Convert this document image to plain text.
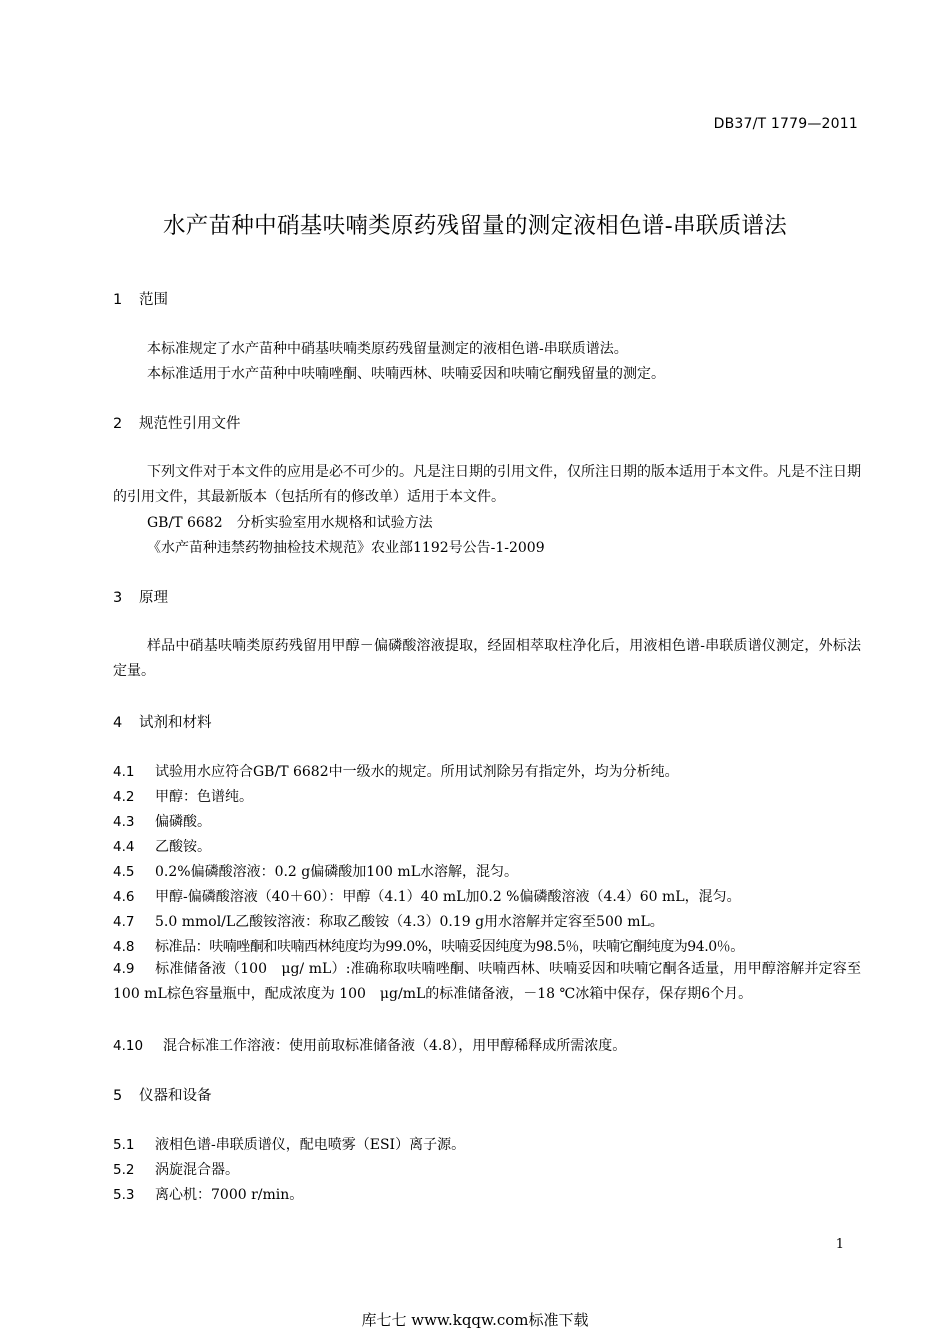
DB37/T 1779—2011
水产苗种中硝基呋喃类原药残留量的测定液相色谱-串联质谱法
1 范围
本标准规定了水产苗种中硝基呋喃类原药残留量测定的液相色谱-串联质谱法。
本标准适用于水产苗种中呋喃唑酮、呋喃西林、呋喃妥因和呋喃它酮残留量的测定。
2 规范性引用文件

下列文件对于本文件的应用是必不可少的。凡是注日期的引用文件，仅所注日期的版本适用于本文件。凡是不注日期的引用文件，其最新版本（包括所有的修改单）适用于本文件。

GB/T 6682　分析实验室用水规格和试验方法
《水产苗种违禁药物抽检技术规范》农业部1192号公告-1-2009
3 原理

样品中硝基呋喃类原药残留用甲醇－偏磷酸溶液提取，经固相萃取柱净化后，用液相色谱-串联质谱仪测定，外标法定量。

4 试剂和材料
4.1 试验用水应符合GB/T 6682中一级水的规定。所用试剂除另有指定外，均为分析纯。
4.2 甲醇：色谱纯。
4.3 偏磷酸。
4.4 乙酸铵。
4.5 0.2%偏磷酸溶液：0.2 g偏磷酸加100 mL水溶解，混匀。
4.6 甲醇-偏磷酸溶液（40＋60）：甲醇（4.1）40 mL加0.2 %偏磷酸溶液（4.4）60 mL，混匀。
4.7 5.0 mmol/L乙酸铵溶液：称取乙酸铵（4.3）0.19 g用水溶解并定容至500 mL。
4.8 标准品：呋喃唑酮和呋喃西林纯度均为99.0%，呋喃妥因纯度为98.5％，呋喃它酮纯度为94.0％。

4.9 标准储备液（100　μg/ mL）:准确称取呋喃唑酮、呋喃西林、呋喃妥因和呋喃它酮各适量，用甲醇溶解并定容至100 mL棕色容量瓶中，配成浓度为 100　μg/mL的标准储备液，－18 ℃冰箱中保存，保存期6个月。

4.10 混合标准工作溶液：使用前取标准储备液（4.8），用甲醇稀释成所需浓度。
5 仪器和设备
5.1 液相色谱-串联质谱仪，配电喷雾（ESI）离子源。
5.2 涡旋混合器。
5.3 离心机：7000 r/min。
1
库七七 www.kqqw.com标准下载
